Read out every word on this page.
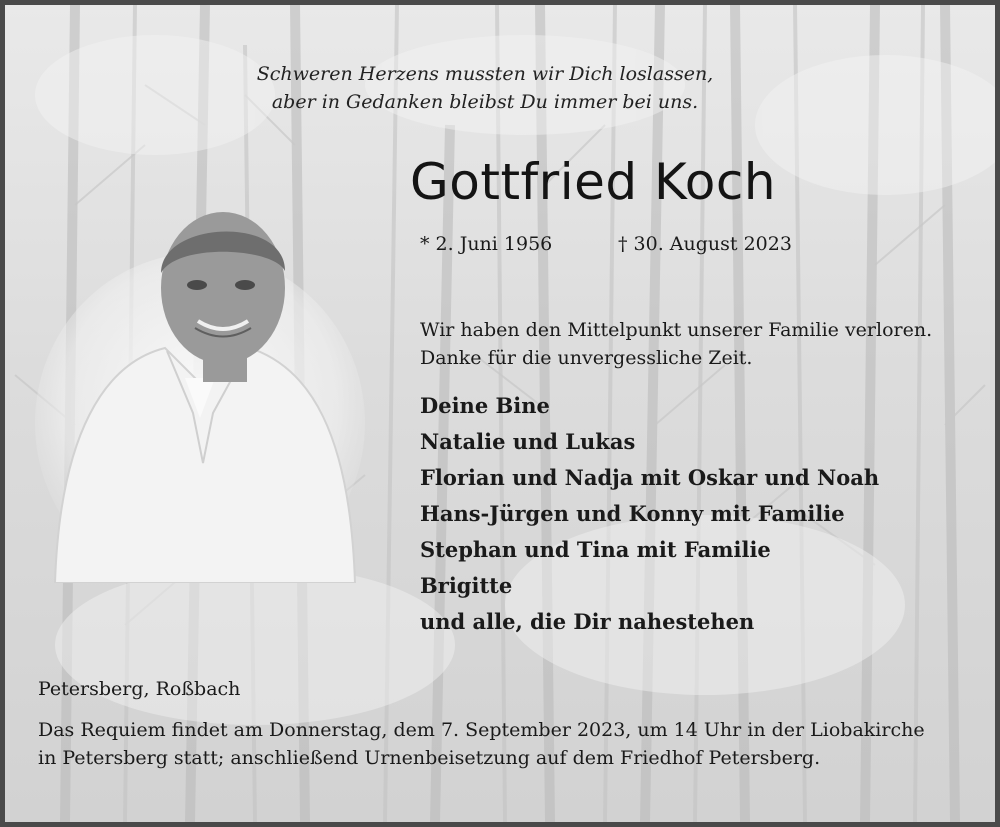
Schweren Herzens mussten wir Dich loslassen,
aber in Gedanken bleibst Du immer bei uns.
Gottfried Koch
* 2. Juni 1956	† 30. August 2023
Wir haben den Mittelpunkt unserer Familie verloren.
Danke für die unvergessliche Zeit.
Deine Bine
Natalie und Lukas
Florian und Nadja mit Oskar und Noah
Hans-Jürgen und Konny mit Familie
Stephan und Tina mit Familie
Brigitte
und alle, die Dir nahestehen
Petersberg, Roßbach
Das Requiem findet am Donnerstag, dem 7. September 2023, um 14 Uhr in der Liobakirche
in Petersberg statt; anschließend Urnenbeisetzung auf dem Friedhof Petersberg.
